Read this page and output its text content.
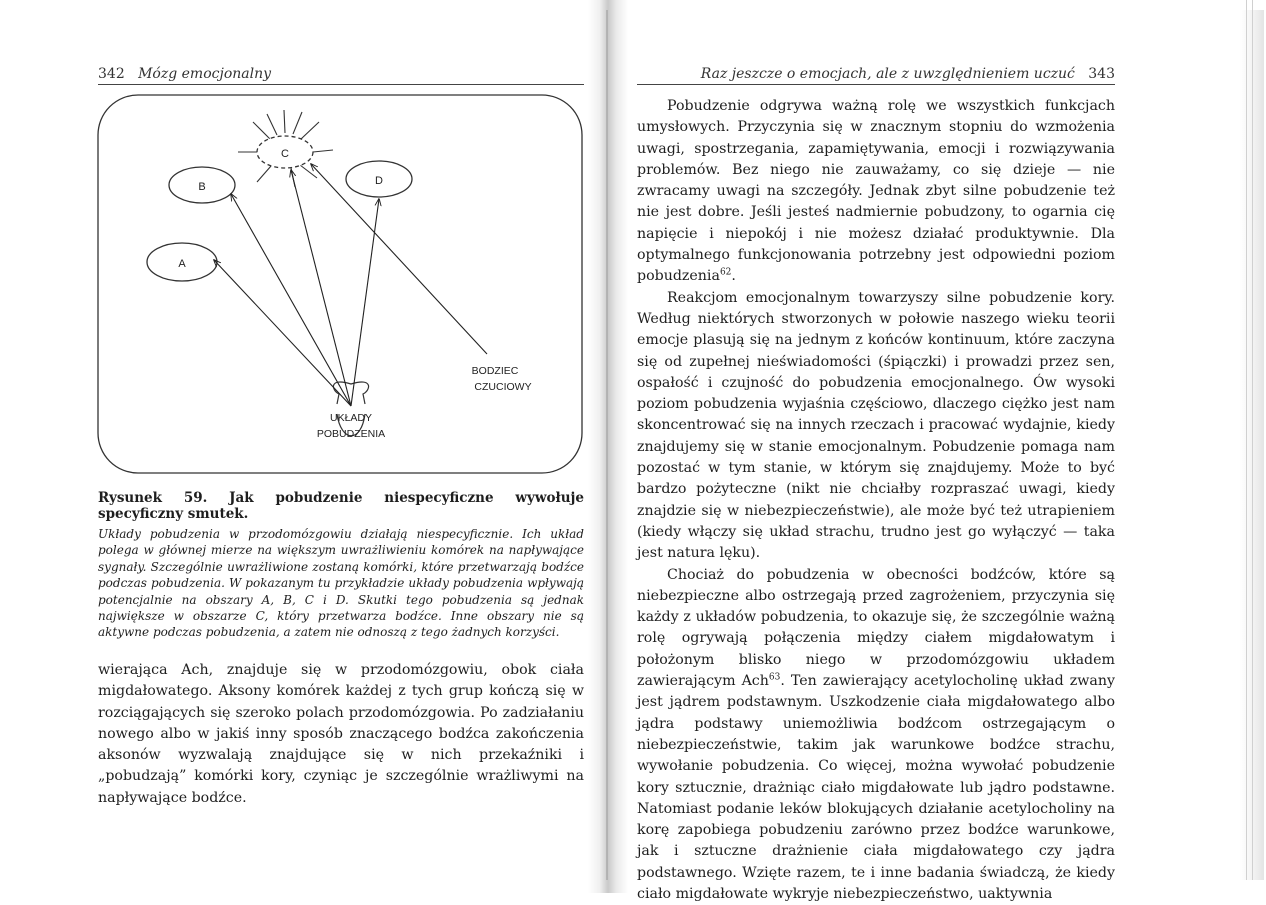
342 Mózg emocjonalny
C
B	D
A
UKŁADY
POBUDZENIA
BODZIEC
CZUCIOWY
Rysunek 59. Jak pobudzenie niespecyficzne wywołuje specyficzny smutek.
Układy pobudzenia w przodomózgowiu działają niespecyficznie. Ich układ polega w głównej mierze na większym uwrażliwieniu komórek na napływające sygnały. Szczególnie uwrażliwione zostaną komórki, które przetwarzają bodźce podczas pobudzenia. W pokazanym tu przykładzie układy pobudzenia wpływają potencjalnie na obszary A, B, C i D. Skutki tego pobudzenia są jednak największe w obszarze C, który przetwarza bodźce. Inne obszary nie są aktywne podczas pobudzenia, a zatem nie odnoszą z tego żadnych korzyści.

wierająca Ach, znajduje się w przodomózgowiu, obok ciała migdałowatego. Aksony komórek każdej z tych grup kończą się w rozciągających się szeroko polach przodomózgowia. Po zadziałaniu nowego albo w jakiś inny sposób znaczącego bodźca zakończenia aksonów wyzwalają znajdujące się w nich przekaźniki i „pobudzają” komórki kory, czyniąc je szczególnie wrażliwymi na napływające bodźce.

Raz jeszcze o emocjach, ale z uwzględnieniem uczuć 343

Pobudzenie odgrywa ważną rolę we wszystkich funkcjach umysłowych. Przyczynia się w znacznym stopniu do wzmożenia uwagi, spostrzegania, zapamiętywania, emocji i rozwiązywania problemów. Bez niego nie zauważamy, co się dzieje — nie zwracamy uwagi na szczegóły. Jednak zbyt silne pobudzenie też nie jest dobre. Jeśli jesteś nadmiernie pobudzony, to ogarnia cię napięcie i niepokój i nie możesz działać produktywnie. Dla optymalnego funkcjonowania potrzebny jest odpowiedni poziom pobudzenia$^{62}$.

Reakcjom emocjonalnym towarzyszy silne pobudzenie kory. Według niektórych stworzonych w połowie naszego wieku teorii emocje plasują się na jednym z końców kontinuum, które zaczyna się od zupełnej nieświadomości (śpiączki) i prowadzi przez sen, ospałość i czujność do pobudzenia emocjonalnego. Ów wysoki poziom pobudzenia wyjaśnia częściowo, dlaczego ciężko jest nam skoncentrować się na innych rzeczach i pracować wydajnie, kiedy znajdujemy się w stanie emocjonalnym. Pobudzenie pomaga nam pozostać w tym stanie, w którym się znajdujemy. Może to być bardzo pożyteczne (nikt nie chciałby rozpraszać uwagi, kiedy znajdzie się w niebezpieczeństwie), ale może być też utrapieniem (kiedy włączy się układ strachu, trudno jest go wyłączyć — taka jest natura lęku).

Chociaż do pobudzenia w obecności bodźców, które są niebezpieczne albo ostrzegają przed zagrożeniem, przyczynia się każdy z układów pobudzenia, to okazuje się, że szczególnie ważną rolę ogrywają połączenia między ciałem migdałowatym i położonym blisko niego w przodomózgowiu układem zawierającym Ach$^{63}$. Ten zawierający acetylocholinę układ zwany jest jądrem podstawnym. Uszkodzenie ciała migdałowatego albo jądra podstawy uniemożliwia bodźcom ostrzegającym o niebezpieczeństwie, takim jak warunkowe bodźce strachu, wywołanie pobudzenia. Co więcej, można wywołać pobudzenie kory sztucznie, drażniąc ciało migdałowate lub jądro podstawne. Natomiast podanie leków blokujących działanie acetylocholiny na korę zapobiega pobudzeniu zarówno przez bodźce warunkowe, jak i sztuczne drażnienie ciała migdałowatego czy jądra podstawnego. Wzięte razem, te i inne badania świadczą, że kiedy ciało migdałowate wykryje niebezpieczeństwo, uaktywnia
